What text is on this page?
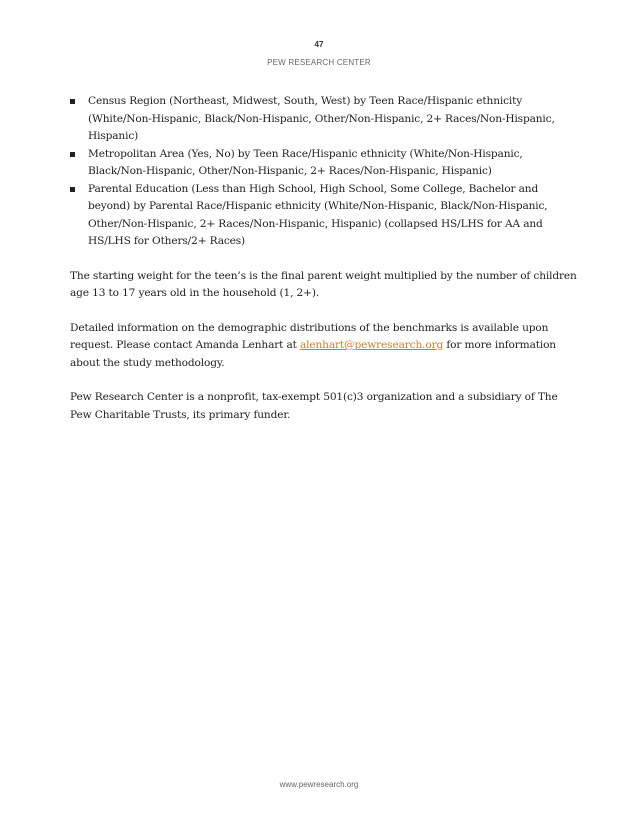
47
PEW RESEARCH CENTER
Census Region (Northeast, Midwest, South, West) by Teen Race/Hispanic ethnicity (White/Non-Hispanic, Black/Non-Hispanic, Other/Non-Hispanic, 2+ Races/Non-Hispanic, Hispanic)
Metropolitan Area (Yes, No) by Teen Race/Hispanic ethnicity (White/Non-Hispanic, Black/Non-Hispanic, Other/Non-Hispanic, 2+ Races/Non-Hispanic, Hispanic)
Parental Education (Less than High School, High School, Some College, Bachelor and beyond) by Parental Race/Hispanic ethnicity (White/Non-Hispanic, Black/Non-Hispanic, Other/Non-Hispanic, 2+ Races/Non-Hispanic, Hispanic) (collapsed HS/LHS for AA and HS/LHS for Others/2+ Races)

The starting weight for the teen’s is the final parent weight multiplied by the number of children age 13 to 17 years old in the household (1, 2+).

Detailed information on the demographic distributions of the benchmarks is available upon request. Please contact Amanda Lenhart at alenhart@pewresearch.org for more information about the study methodology.

Pew Research Center is a nonprofit, tax-exempt 501(c)3 organization and a subsidiary of The Pew Charitable Trusts, its primary funder.

www.pewresearch.org
